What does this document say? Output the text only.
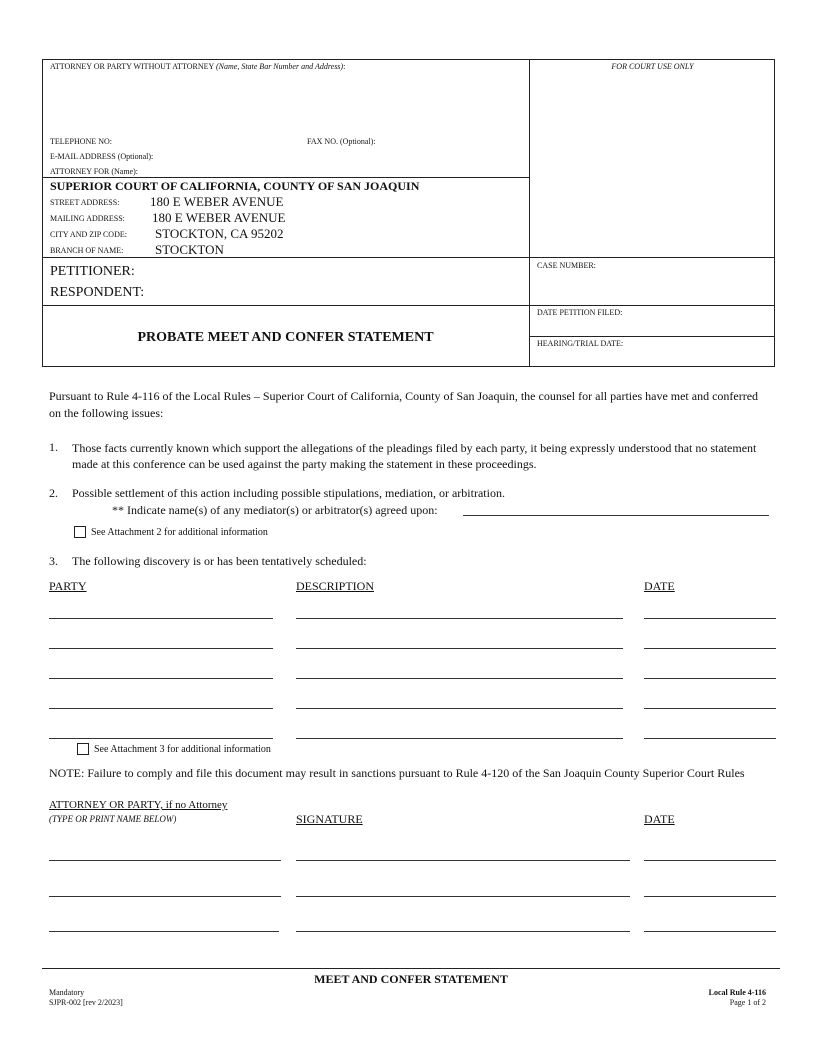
ATTORNEY OR PARTY WITHOUT ATTORNEY (Name, State Bar Number and Address):	FOR COURT USE ONLY
TELEPHONE NO:	FAX NO. (Optional):
E-MAIL ADDRESS (Optional):
ATTORNEY FOR (Name):
SUPERIOR COURT OF CALIFORNIA, COUNTY OF SAN JOAQUIN
STREET ADDRESS: 180 E WEBER AVENUE
MAILING ADDRESS: 180 E WEBER AVENUE
CITY AND ZIP CODE: STOCKTON, CA 95202
BRANCH OF NAME: STOCKTON
PETITIONER:
RESPONDENT:
CASE NUMBER:
DATE PETITION FILED:
HEARING/TRIAL DATE:
PROBATE MEET AND CONFER STATEMENT
Pursuant to Rule 4-116 of the Local Rules – Superior Court of California, County of San Joaquin, the counsel for all parties have met and conferred on the following issues:
1. Those facts currently known which support the allegations of the pleadings filed by each party, it being expressly understood that no statement made at this conference can be used against the party making the statement in these proceedings.
2. Possible settlement of this action including possible stipulations, mediation, or arbitration.
** Indicate name(s) of any mediator(s) or arbitrator(s) agreed upon:
See Attachment 2 for additional information
3. The following discovery is or has been tentatively scheduled:
PARTY	DESCRIPTION	DATE
See Attachment 3 for additional information
NOTE: Failure to comply and file this document may result in sanctions pursuant to Rule 4-120 of the San Joaquin County Superior Court Rules
ATTORNEY OR PARTY, if no Attorney
(TYPE OR PRINT NAME BELOW)	SIGNATURE	DATE
MEET AND CONFER STATEMENT
Mandatory
SJPR-002 [rev 2/2023]
Local Rule 4-116
Page 1 of 2
